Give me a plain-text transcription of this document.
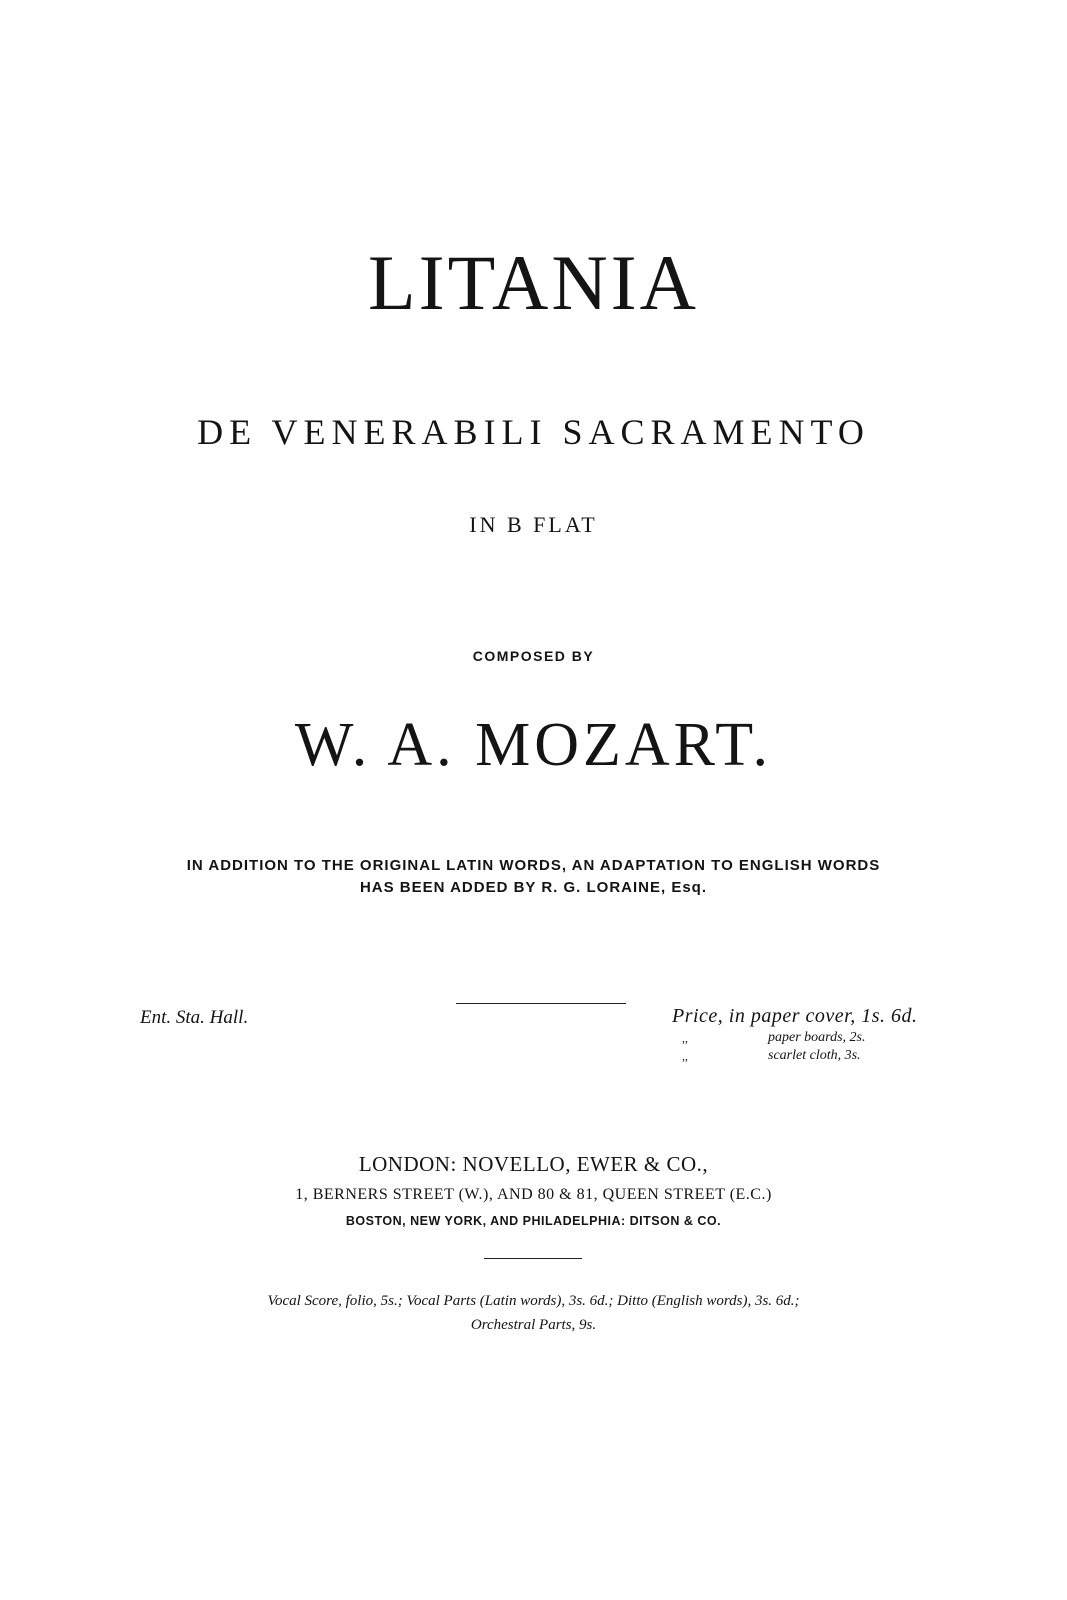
LITANIA
DE VENERABILI SACRAMENTO
IN B FLAT
COMPOSED BY
W. A. MOZART.
IN ADDITION TO THE ORIGINAL LATIN WORDS, AN ADAPTATION TO ENGLISH WORDS
HAS BEEN ADDED BY R. G. LORAINE, Esq.
Ent. Sta. Hall.	Price, in paper cover, 1s. 6d.
,,	paper boards, 2s.
,,	scarlet cloth, 3s.
LONDON: NOVELLO, EWER & CO.,
1, BERNERS STREET (W.), AND 80 & 81, QUEEN STREET (E.C.)
BOSTON, NEW YORK, AND PHILADELPHIA: DITSON & CO.
Vocal Score, folio, 5s.; Vocal Parts (Latin words), 3s. 6d.; Ditto (English words), 3s. 6d.;
Orchestral Parts, 9s.
